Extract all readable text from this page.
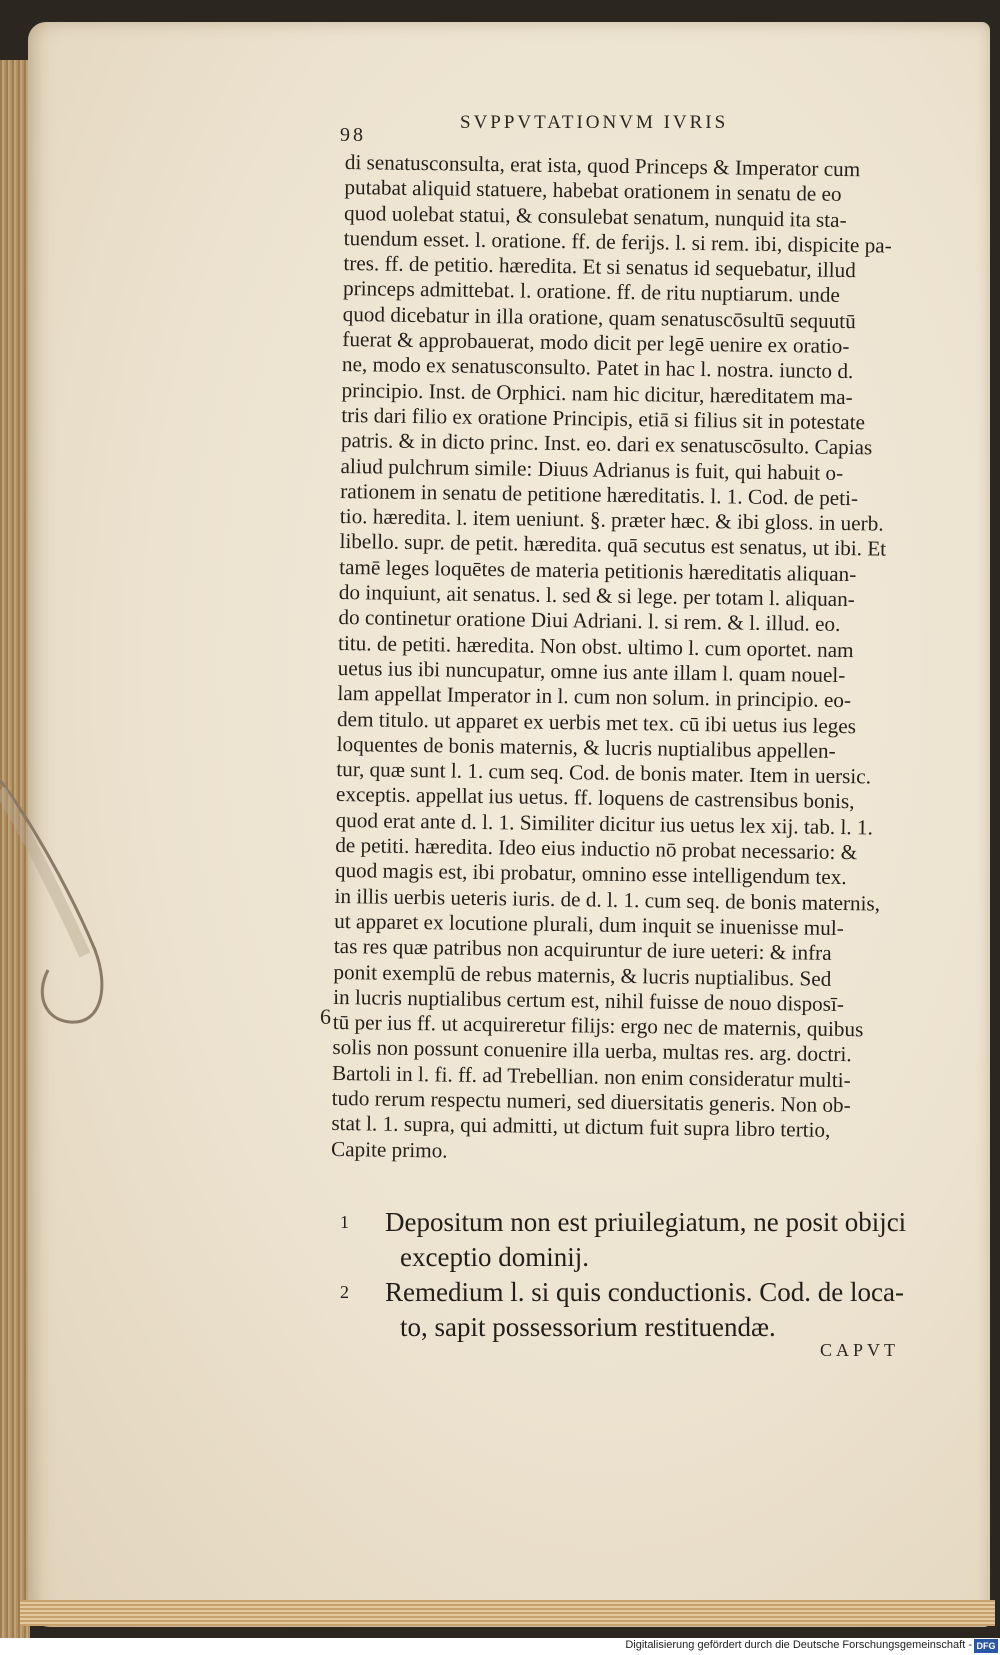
98
SVPPVTATIONVM IVRIS
di senatusconsulta, erat ista, quod Princeps & Imperator cum
putabat aliquid statuere, habebat orationem in senatu de eo
quod uolebat statui, & consulebat senatum, nunquid ita sta-
tuendum esset. l. oratione. ff. de ferijs. l. si rem. ibi, dispicite pa-
tres. ff. de petitio. hæredita. Et si senatus id sequebatur, illud
princeps admittebat. l. oratione. ff. de ritu nuptiarum. unde
quod dicebatur in illa oratione, quam senatuscōsultū sequutū
fuerat & approbauerat, modo dicit per legē uenire ex oratio-
ne, modo ex senatusconsulto. Patet in hac l. nostra. iuncto d.
principio. Inst. de Orphici. nam hic dicitur, hæreditatem ma-
tris dari filio ex oratione Principis, etiā si filius sit in potestate
patris. & in dicto princ. Inst. eo. dari ex senatuscōsulto. Capias
aliud pulchrum simile: Diuus Adrianus is fuit, qui habuit o-
rationem in senatu de petitione hæreditatis. l. 1. Cod. de peti-
tio. hæredita. l. item ueniunt. §. præter hæc. & ibi gloss. in uerb.
libello. supr. de petit. hæredita. quā secutus est senatus, ut ibi. Et
tamē leges loquētes de materia petitionis hæreditatis aliquan-
do inquiunt, ait senatus. l. sed & si lege. per totam l. aliquan-
do continetur oratione Diui Adriani. l. si rem. & l. illud. eo.
titu. de petiti. hæredita. Non obst. ultimo l. cum oportet. nam
uetus ius ibi nuncupatur, omne ius ante illam l. quam nouel-
lam appellat Imperator in l. cum non solum. in principio. eo-
dem titulo. ut apparet ex uerbis met tex. cū ibi uetus ius leges
loquentes de bonis maternis, & lucris nuptialibus appellen-
tur, quæ sunt l. 1. cum seq. Cod. de bonis mater. Item in uersic.
exceptis. appellat ius uetus. ff. loquens de castrensibus bonis,
quod erat ante d. l. 1. Similiter dicitur ius uetus lex xij. tab. l. 1.
de petiti. hæredita. Ideo eius inductio nō probat necessario: &
quod magis est, ibi probatur, omnino esse intelligendum tex.
in illis uerbis ueteris iuris. de d. l. 1. cum seq. de bonis maternis,
ut apparet ex locutione plurali, dum inquit se inuenisse mul-
tas res quæ patribus non acquiruntur de iure ueteri: & infra
ponit exemplū de rebus maternis, & lucris nuptialibus. Sed
in lucris nuptialibus certum est, nihil fuisse de nouo disposī-
tū per ius ff. ut acquireretur filijs: ergo nec de maternis, quibus
solis non possunt conuenire illa uerba, multas res. arg. doctri.
Bartoli in l. fi. ff. ad Trebellian. non enim consideratur multi-
tudo rerum respectu numeri, sed diuersitatis generis. Non ob-
stat l. 1. supra, qui admitti, ut dictum fuit supra libro tertio,
Capite primo.
6
1 Depositum non est priuilegiatum, ne posit obijci
exceptio dominij.
2 Remedium l. si quis conductionis. Cod. de loca-
to, sapit possessorium restituendæ.
CAPVT
Digitalisierung gefördert durch die Deutsche Forschungsgemeinschaft - DFG
